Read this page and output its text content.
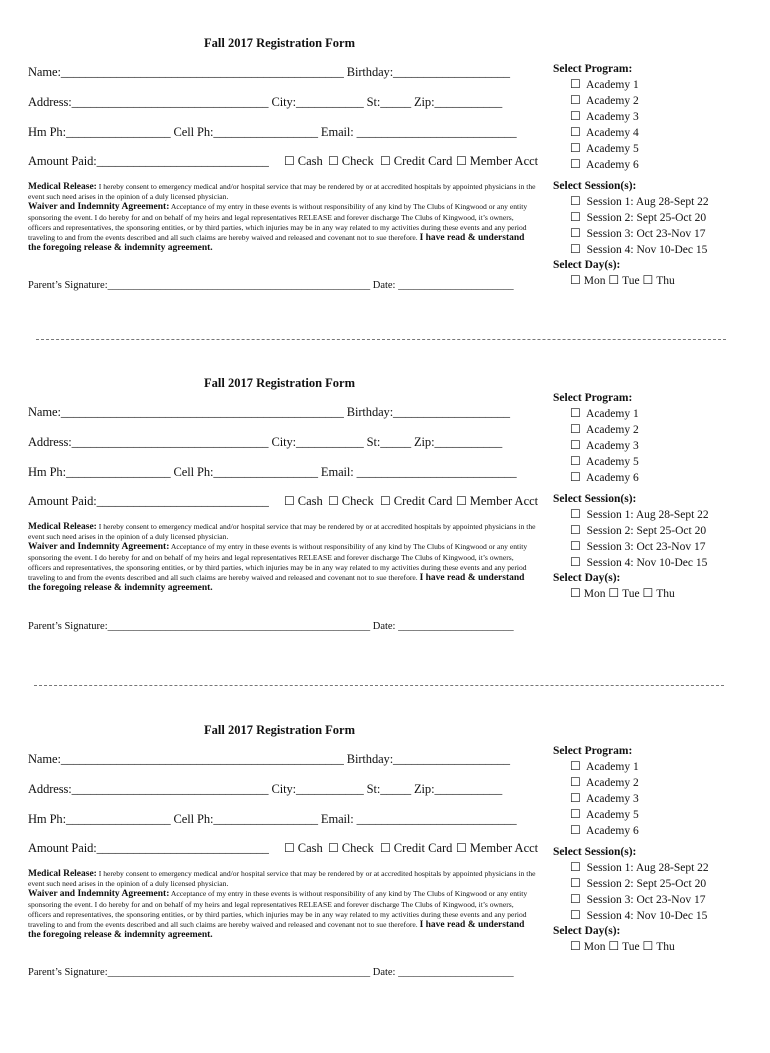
Fall 2017 Registration Form
Name:______________________________________________ Birthday:___________________
Address:________________________________ City:___________ St:_____ Zip:___________
Hm Ph:_________________ Cell Ph:_________________ Email: __________________________
Amount Paid:____________________________ ☐ Cash ☐ Check ☐ Credit Card ☐ Member Acct
Medical Release: I hereby consent to emergency medical and/or hospital service that may be rendered by or at accredited hospitals by appointed physicians in the event such need arises in the opinion of a duly licensed physician.
Waiver and Indemnity Agreement: Acceptance of my entry in these events is without responsibility of any kind by The Clubs of Kingwood or any entity sponsoring the event. I do hereby for and on behalf of my heirs and legal representatives RELEASE and forever discharge The Clubs of Kingwood, it’s owners, officers and representatives, the sponsoring entities, or by third parties, which injuries may be in any way related to my activities during these events and any period traveling to and from the events described and all such claims are hereby waived and released and covenant not to sue therefore. I have read & understand the foregoing release & indemnity agreement.
Parent’s Signature:__________________________________________________ Date: ______________________
Select Program:
☐ Academy 1
☐ Academy 2
☐ Academy 3
☐ Academy 4
☐ Academy 5
☐ Academy 6
Select Session(s):
☐ Session 1: Aug 28-Sept 22
☐ Session 2: Sept 25-Oct 20
☐ Session 3: Oct 23-Nov 17
☐ Session 4: Nov 10-Dec 15
Select Day(s):
☐ Mon ☐ Tue ☐ Thu
Fall 2017 Registration Form
Name:______________________________________________ Birthday:___________________
Address:________________________________ City:___________ St:_____ Zip:___________
Hm Ph:_________________ Cell Ph:_________________ Email: __________________________
Amount Paid:____________________________ ☐ Cash ☐ Check ☐ Credit Card ☐ Member Acct
Medical Release: I hereby consent to emergency medical and/or hospital service that may be rendered by or at accredited hospitals by appointed physicians in the event such need arises in the opinion of a duly licensed physician.
Waiver and Indemnity Agreement: Acceptance of my entry in these events is without responsibility of any kind by The Clubs of Kingwood or any entity sponsoring the event. I do hereby for and on behalf of my heirs and legal representatives RELEASE and forever discharge The Clubs of Kingwood, it’s owners, officers and representatives, the sponsoring entities, or by third parties, which injuries may be in any way related to my activities during these events and any period traveling to and from the events described and all such claims are hereby waived and released and covenant not to sue therefore. I have read & understand the foregoing release & indemnity agreement.
Parent’s Signature:__________________________________________________ Date: ______________________
Select Program:
☐ Academy 1
☐ Academy 2
☐ Academy 3
☐ Academy 5
☐ Academy 6
Select Session(s):
☐ Session 1: Aug 28-Sept 22
☐ Session 2: Sept 25-Oct 20
☐ Session 3: Oct 23-Nov 17
☐ Session 4: Nov 10-Dec 15
Select Day(s):
☐ Mon ☐ Tue ☐ Thu
Fall 2017 Registration Form
Name:______________________________________________ Birthday:___________________
Address:________________________________ City:___________ St:_____ Zip:___________
Hm Ph:_________________ Cell Ph:_________________ Email: __________________________
Amount Paid:____________________________ ☐ Cash ☐ Check ☐ Credit Card ☐ Member Acct
Medical Release: I hereby consent to emergency medical and/or hospital service that may be rendered by or at accredited hospitals by appointed physicians in the event such need arises in the opinion of a duly licensed physician.
Waiver and Indemnity Agreement: Acceptance of my entry in these events is without responsibility of any kind by The Clubs of Kingwood or any entity sponsoring the event. I do hereby for and on behalf of my heirs and legal representatives RELEASE and forever discharge The Clubs of Kingwood, it’s owners, officers and representatives, the sponsoring entities, or by third parties, which injuries may be in any way related to my activities during these events and any period traveling to and from the events described and all such claims are hereby waived and released and covenant not to sue therefore. I have read & understand the foregoing release & indemnity agreement.
Parent’s Signature:__________________________________________________ Date: ______________________
Select Program:
☐ Academy 1
☐ Academy 2
☐ Academy 3
☐ Academy 5
☐ Academy 6
Select Session(s):
☐ Session 1: Aug 28-Sept 22
☐ Session 2: Sept 25-Oct 20
☐ Session 3: Oct 23-Nov 17
☐ Session 4: Nov 10-Dec 15
Select Day(s):
☐ Mon ☐ Tue ☐ Thu
